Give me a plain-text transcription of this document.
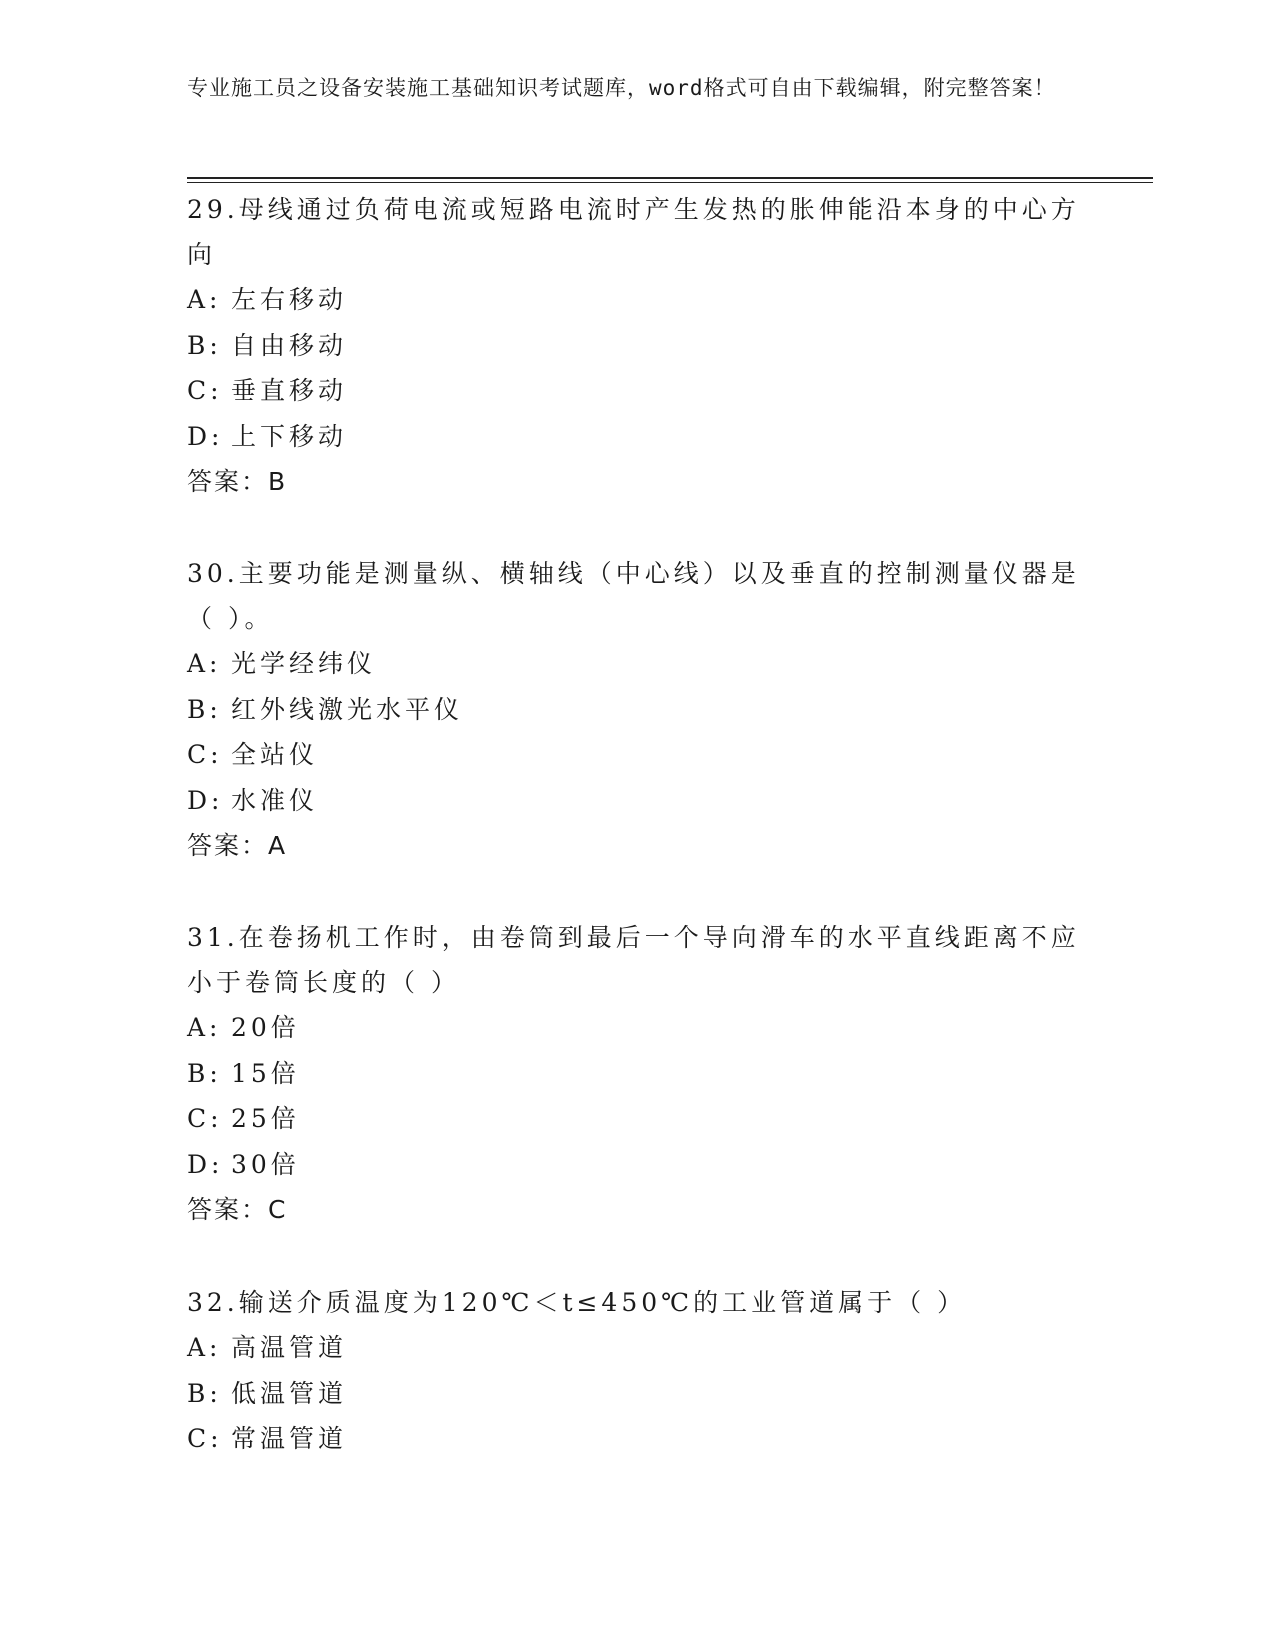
专业施工员之设备安装施工基础知识考试题库，word格式可自由下载编辑，附完整答案！

29.母线通过负荷电流或短路电流时产生发热的胀伸能沿本身的中心方向

A: 左右移动

B: 自由移动

C: 垂直移动

D: 上下移动

答案：B

30.主要功能是测量纵、横轴线（中心线）以及垂直的控制测量仪器是（ ）。

A: 光学经纬仪

B: 红外线激光水平仪

C: 全站仪

D: 水准仪

答案：A

31.在卷扬机工作时，由卷筒到最后一个导向滑车的水平直线距离不应小于卷筒长度的（ ）

A: 20倍

B: 15倍

C: 25倍

D: 30倍

答案：C

32.输送介质温度为120℃＜t≤450℃的工业管道属于（ ）

A: 高温管道

B: 低温管道

C: 常温管道
